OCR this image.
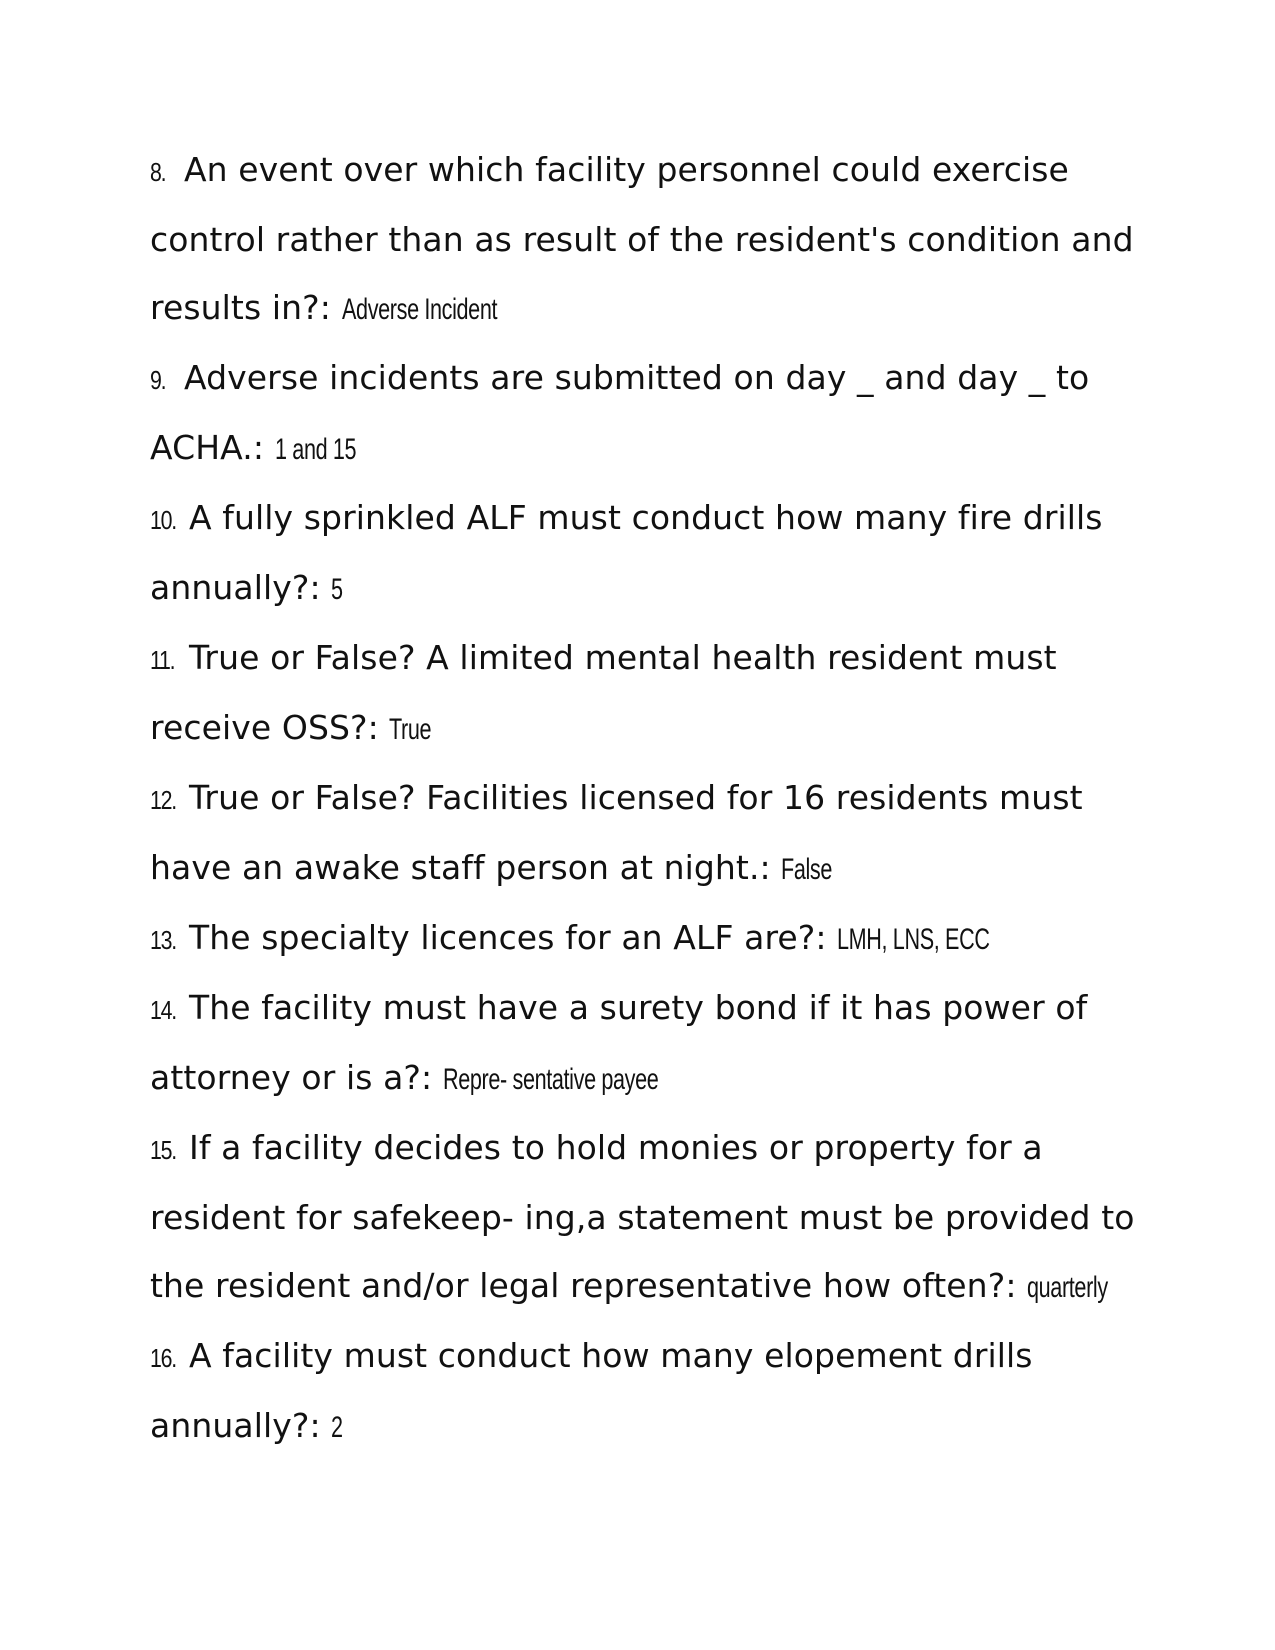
8. An event over which facility personnel could exercise control rather than as result of the resident's condition and results in?: Adverse Incident

9. Adverse incidents are submitted on day _ and day _ to ACHA.: 1 and 15

10. A fully sprinkled ALF must conduct how many fire drills annually?: 5

11. True or False? A limited mental health resident must receive OSS?: True

12. True or False? Facilities licensed for 16 residents must have an awake staff person at night.: False

13. The specialty licences for an ALF are?: LMH, LNS, ECC

14. The facility must have a surety bond if it has power of attorney or is a?: Repre- sentative payee

15. If a facility decides to hold monies or property for a resident for safekeep- ing,a statement must be provided to the resident and/or legal representative how often?: quarterly

16. A facility must conduct how many elopement drills annually?: 2
